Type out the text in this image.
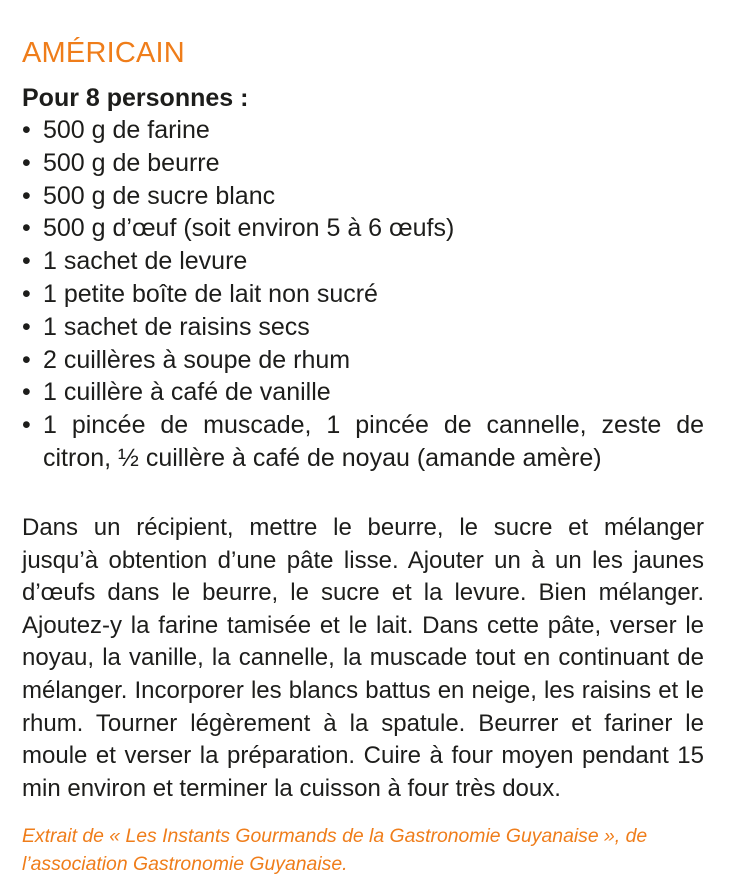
AMÉRICAIN
Pour 8 personnes :
• 500 g de farine
• 500 g de beurre
• 500 g de sucre blanc
• 500 g d’œuf (soit environ 5 à 6 œufs)
• 1 sachet de levure
• 1 petite boîte de lait non sucré
• 1 sachet de raisins secs
• 2 cuillères à soupe de rhum
• 1 cuillère à café de vanille
• 1 pincée de muscade, 1 pincée de cannelle, zeste de citron, ½ cuillère à café de noyau (amande amère)

Dans un récipient, mettre le beurre, le sucre et mélanger jusqu’à obtention d’une pâte lisse. Ajouter un à un les jaunes d’œufs dans le beurre, le sucre et la levure. Bien mélanger. Ajoutez-y la farine tamisée et le lait. Dans cette pâte, verser le noyau, la vanille, la cannelle, la muscade tout en continuant de mélanger. Incorporer les blancs battus en neige, les raisins et le rhum. Tourner légèrement à la spatule. Beurrer et fariner le moule et verser la préparation. Cuire à four moyen pendant 15 min environ et terminer la cuisson à four très doux.

Extrait de « Les Instants Gourmands de la Gastronomie Guyanaise », de l’association Gastronomie Guyanaise.
